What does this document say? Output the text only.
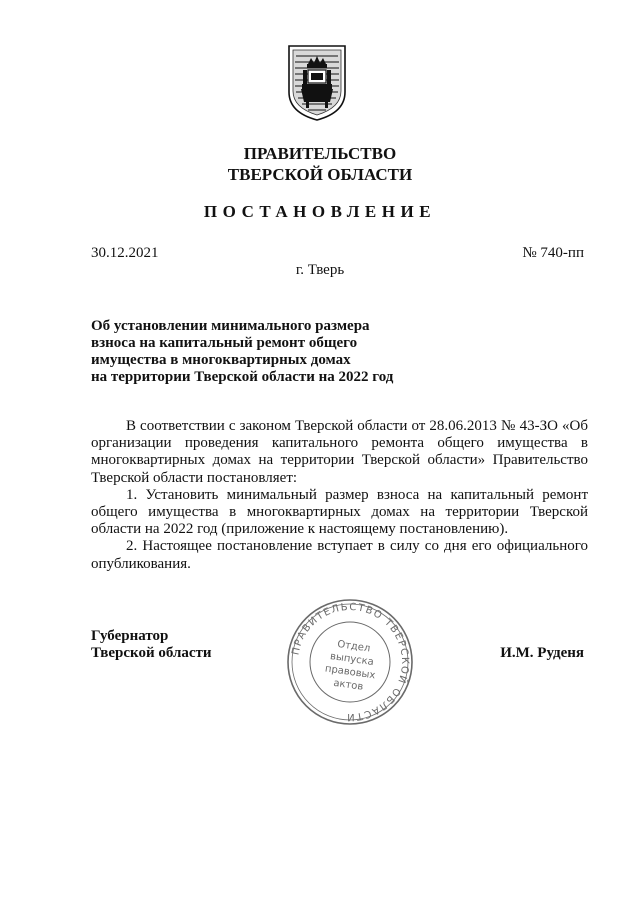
ПРАВИТЕЛЬСТВО
ТВЕРСКОЙ ОБЛАСТИ
ПОСТАНОВЛЕНИЕ
30.12.2021	№ 740-пп
г. Тверь
Об установлении минимального размера
взноса на капитальный ремонт общего
имущества в многоквартирных домах
на территории Тверской области на 2022 год

В соответствии с законом Тверской области от 28.06.2013 № 43-ЗО «Об организации проведения капитального ремонта общего имущества в многоквартирных домах на территории Тверской области» Правительство Тверской области постановляет:

1. Установить минимальный размер взноса на капитальный ремонт общего имущества в многоквартирных домах на территории Тверской области на 2022 год (приложение к настоящему постановлению).

2. Настоящее постановление вступает в силу со дня его официального опубликования.

Губернатор
Тверской области	И.М. Руденя
ПРАВИТЕЛЬСТВО ТВЕРСКОЙ ОБЛАСТИ
Отдел
выпуска
правовых
актов
